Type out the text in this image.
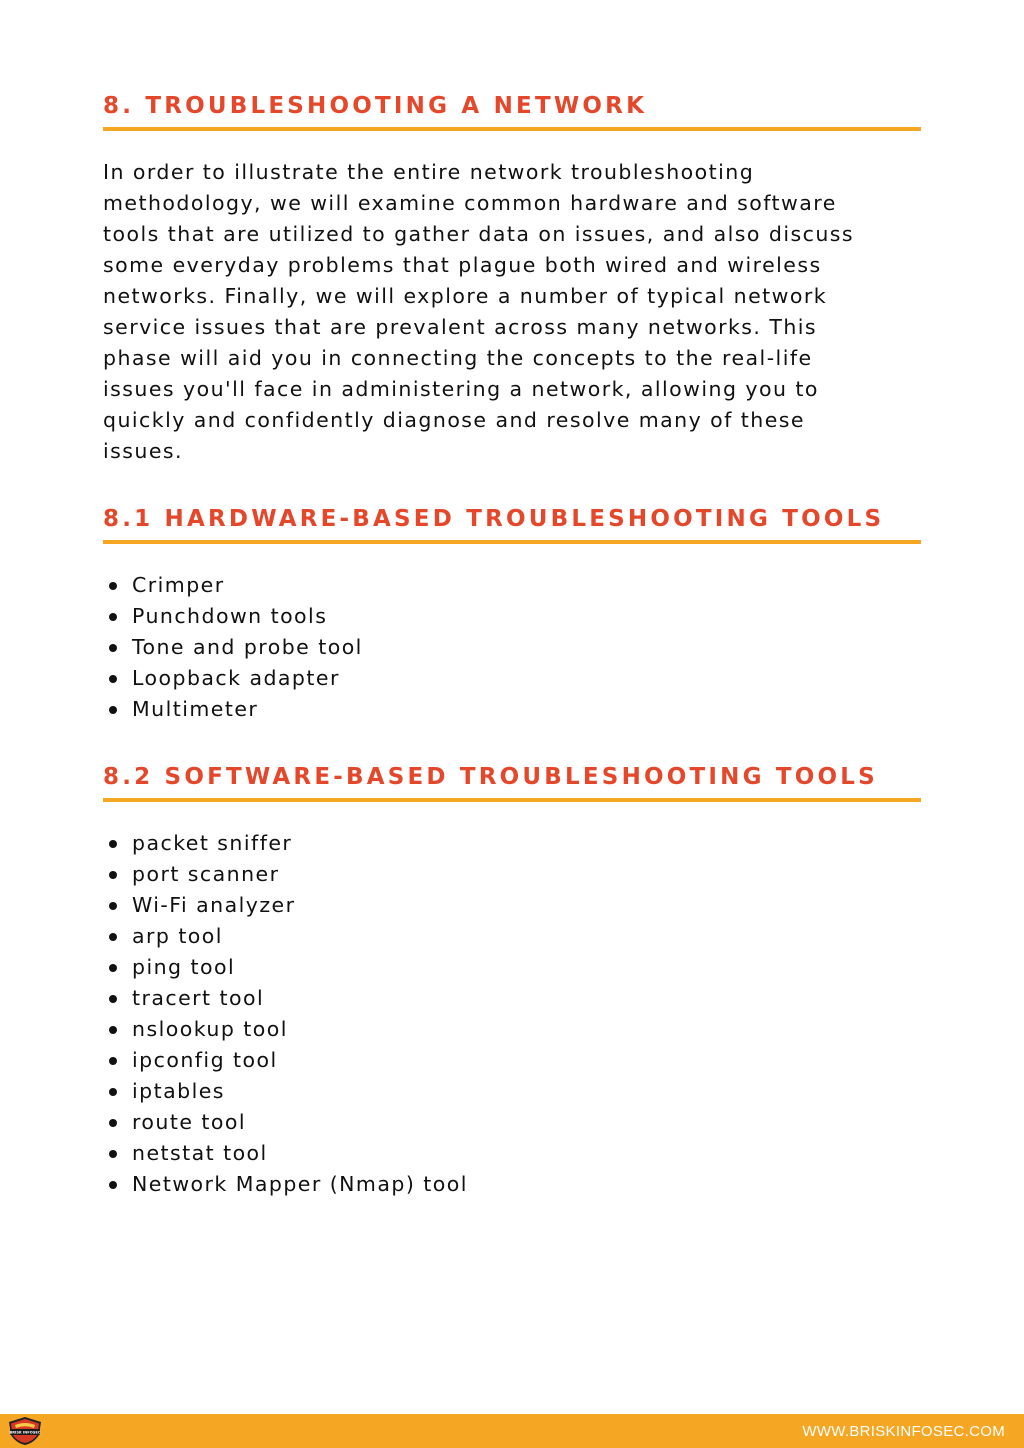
8. TROUBLESHOOTING A NETWORK

In order to illustrate the entire network troubleshooting
methodology, we will examine common hardware and software
tools that are utilized to gather data on issues, and also discuss
some everyday problems that plague both wired and wireless
networks. Finally, we will explore a number of typical network
service issues that are prevalent across many networks. This
phase will aid you in connecting the concepts to the real-life
issues you'll face in administering a network, allowing you to
quickly and confidently diagnose and resolve many of these
issues.

8.1 HARDWARE-BASED TROUBLESHOOTING TOOLS
Crimper
Punchdown tools
Tone and probe tool
Loopback adapter
Multimeter
8.2 SOFTWARE-BASED TROUBLESHOOTING TOOLS
packet sniffer
port scanner
Wi-Fi analyzer
arp tool
ping tool
tracert tool
nslookup tool
ipconfig tool
iptables
route tool
netstat tool
Network Mapper (Nmap) tool
BRISK INFOSEC	WWW.BRISKINFOSEC.COM
